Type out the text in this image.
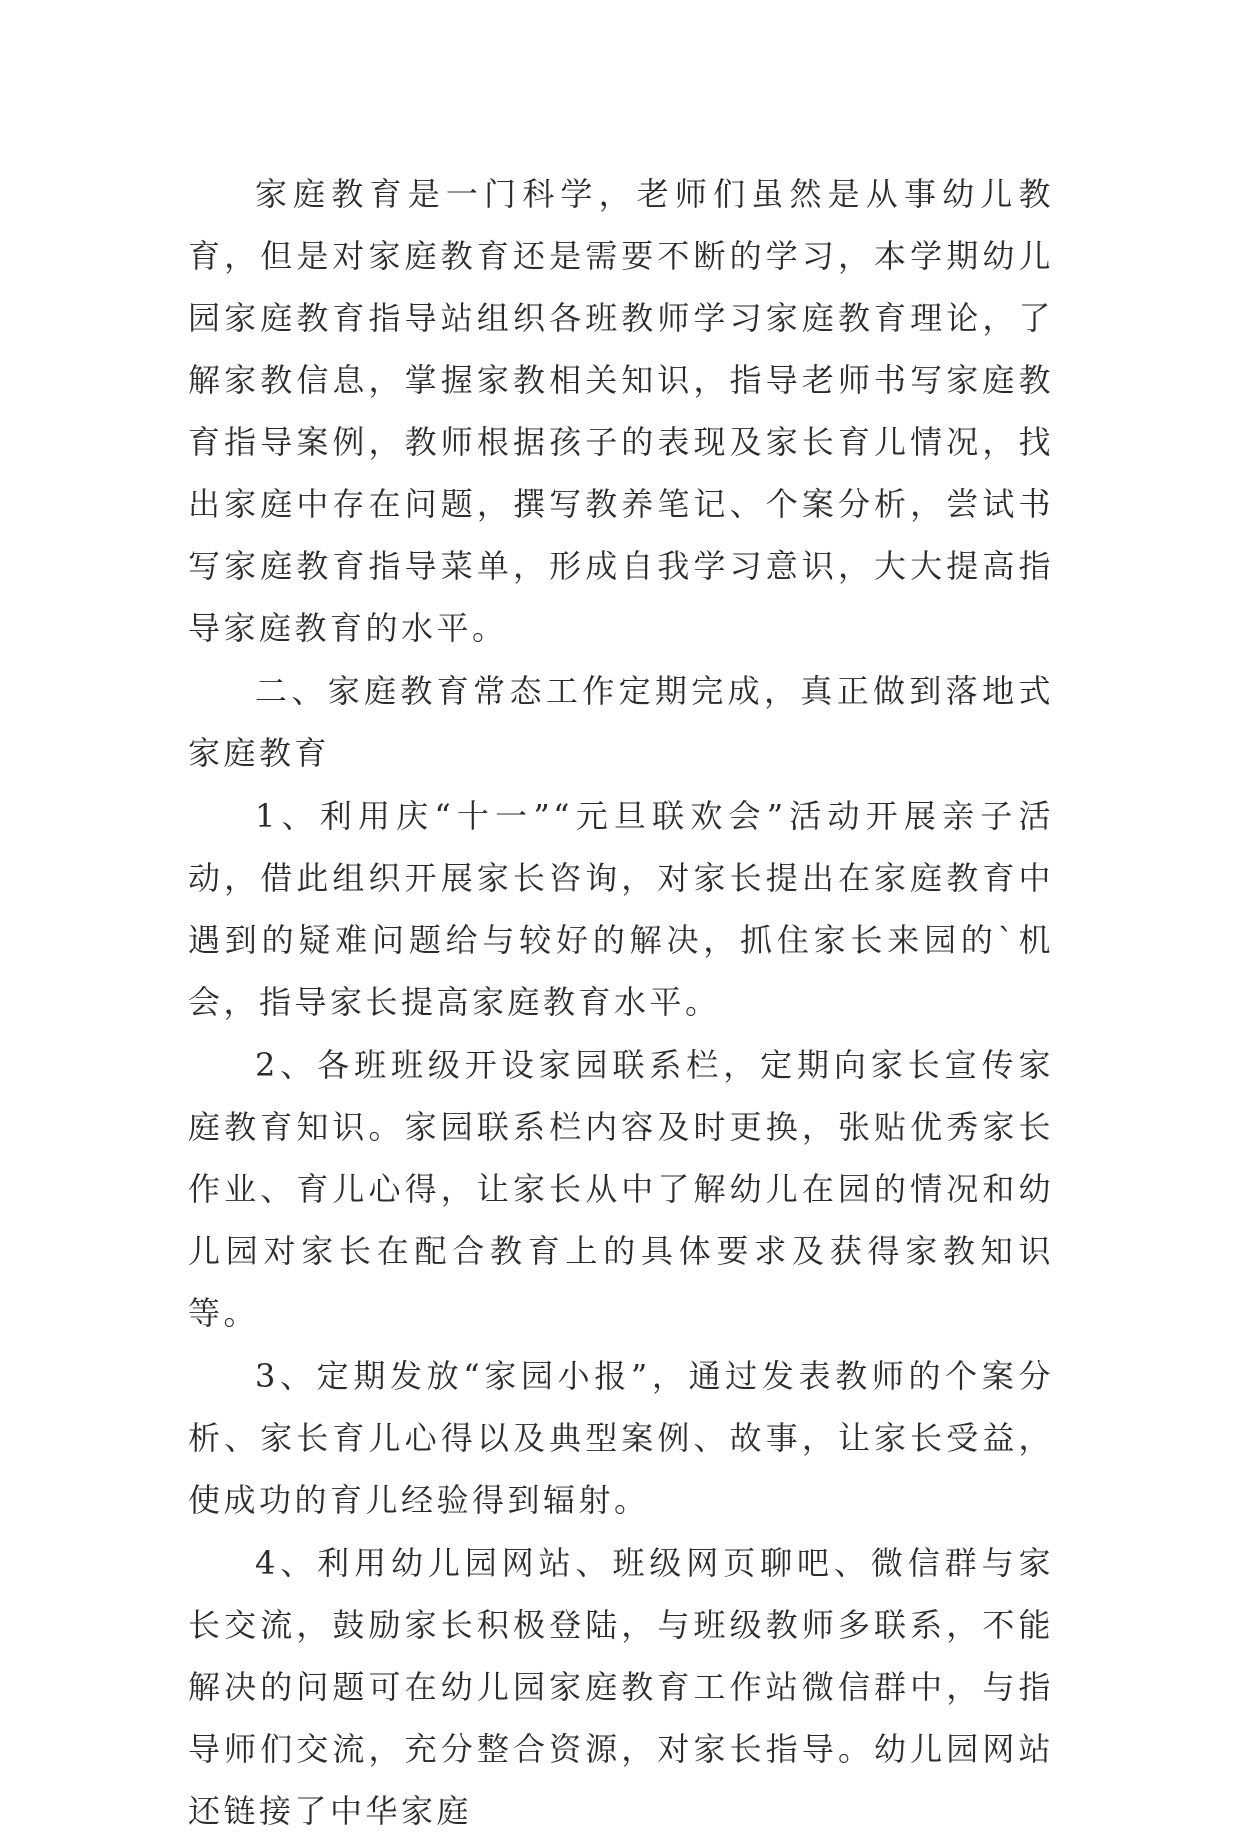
家庭教育是一门科学，老师们虽然是从事幼儿教育，但是对家庭教育还是需要不断的学习，本学期幼儿园家庭教育指导站组织各班教师学习家庭教育理论，了解家教信息，掌握家教相关知识，指导老师书写家庭教育指导案例，教师根据孩子的表现及家长育儿情况，找出家庭中存在问题，撰写教养笔记、个案分析，尝试书写家庭教育指导菜单，形成自我学习意识，大大提高指导家庭教育的水平。

二、家庭教育常态工作定期完成，真正做到落地式家庭教育

1、利用庆“十一”“元旦联欢会”活动开展亲子活动，借此组织开展家长咨询，对家长提出在家庭教育中遇到的疑难问题给与较好的解决，抓住家长来园的`机会，指导家长提高家庭教育水平。

2、各班班级开设家园联系栏，定期向家长宣传家庭教育知识。家园联系栏内容及时更换，张贴优秀家长作业、育儿心得，让家长从中了解幼儿在园的情况和幼儿园对家长在配合教育上的具体要求及获得家教知识等。

3、定期发放“家园小报”，通过发表教师的个案分析、家长育儿心得以及典型案例、故事，让家长受益，使成功的育儿经验得到辐射。

4、利用幼儿园网站、班级网页聊吧、微信群与家长交流，鼓励家长积极登陆，与班级教师多联系，不能解决的问题可在幼儿园家庭教育工作站微信群中，与指导师们交流，充分整合资源，对家长指导。幼儿园网站还链接了中华家庭
